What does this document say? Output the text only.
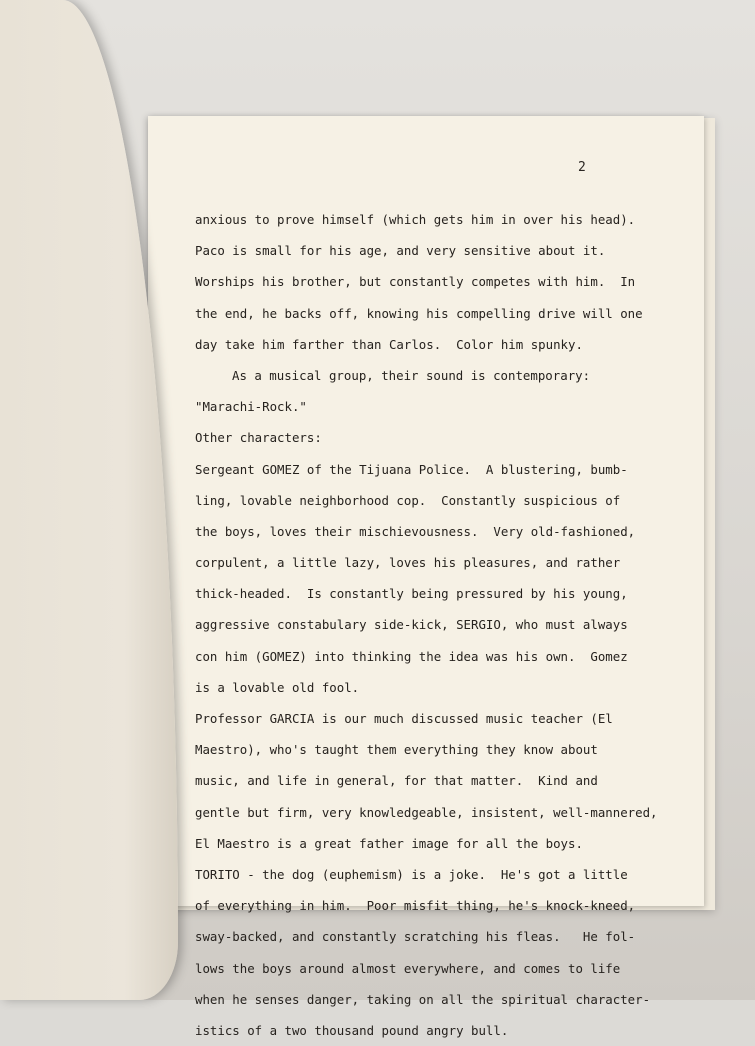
2
anxious to prove himself (which gets him in over his head).
Paco is small for his age, and very sensitive about it.
Worships his brother, but constantly competes with him.  In
the end, he backs off, knowing his compelling drive will one
day take him farther than Carlos.  Color him spunky.
As a musical group, their sound is contemporary:
"Marachi-Rock."
Other characters:
Sergeant GOMEZ of the Tijuana Police.  A blustering, bumb-
ling, lovable neighborhood cop.  Constantly suspicious of
the boys, loves their mischievousness.  Very old-fashioned,
corpulent, a little lazy, loves his pleasures, and rather
thick-headed.  Is constantly being pressured by his young,
aggressive constabulary side-kick, SERGIO, who must always
con him (GOMEZ) into thinking the idea was his own.  Gomez
is a lovable old fool.
Professor GARCIA is our much discussed music teacher (El
Maestro), who's taught them everything they know about
music, and life in general, for that matter.  Kind and
gentle but firm, very knowledgeable, insistent, well-mannered,
El Maestro is a great father image for all the boys.
TORITO - the dog (euphemism) is a joke.  He's got a little
of everything in him.  Poor misfit thing, he's knock-kneed,
sway-backed, and constantly scratching his fleas.   He fol-
lows the boys around almost everywhere, and comes to life
when he senses danger, taking on all the spiritual character-
istics of a two thousand pound angry bull.
